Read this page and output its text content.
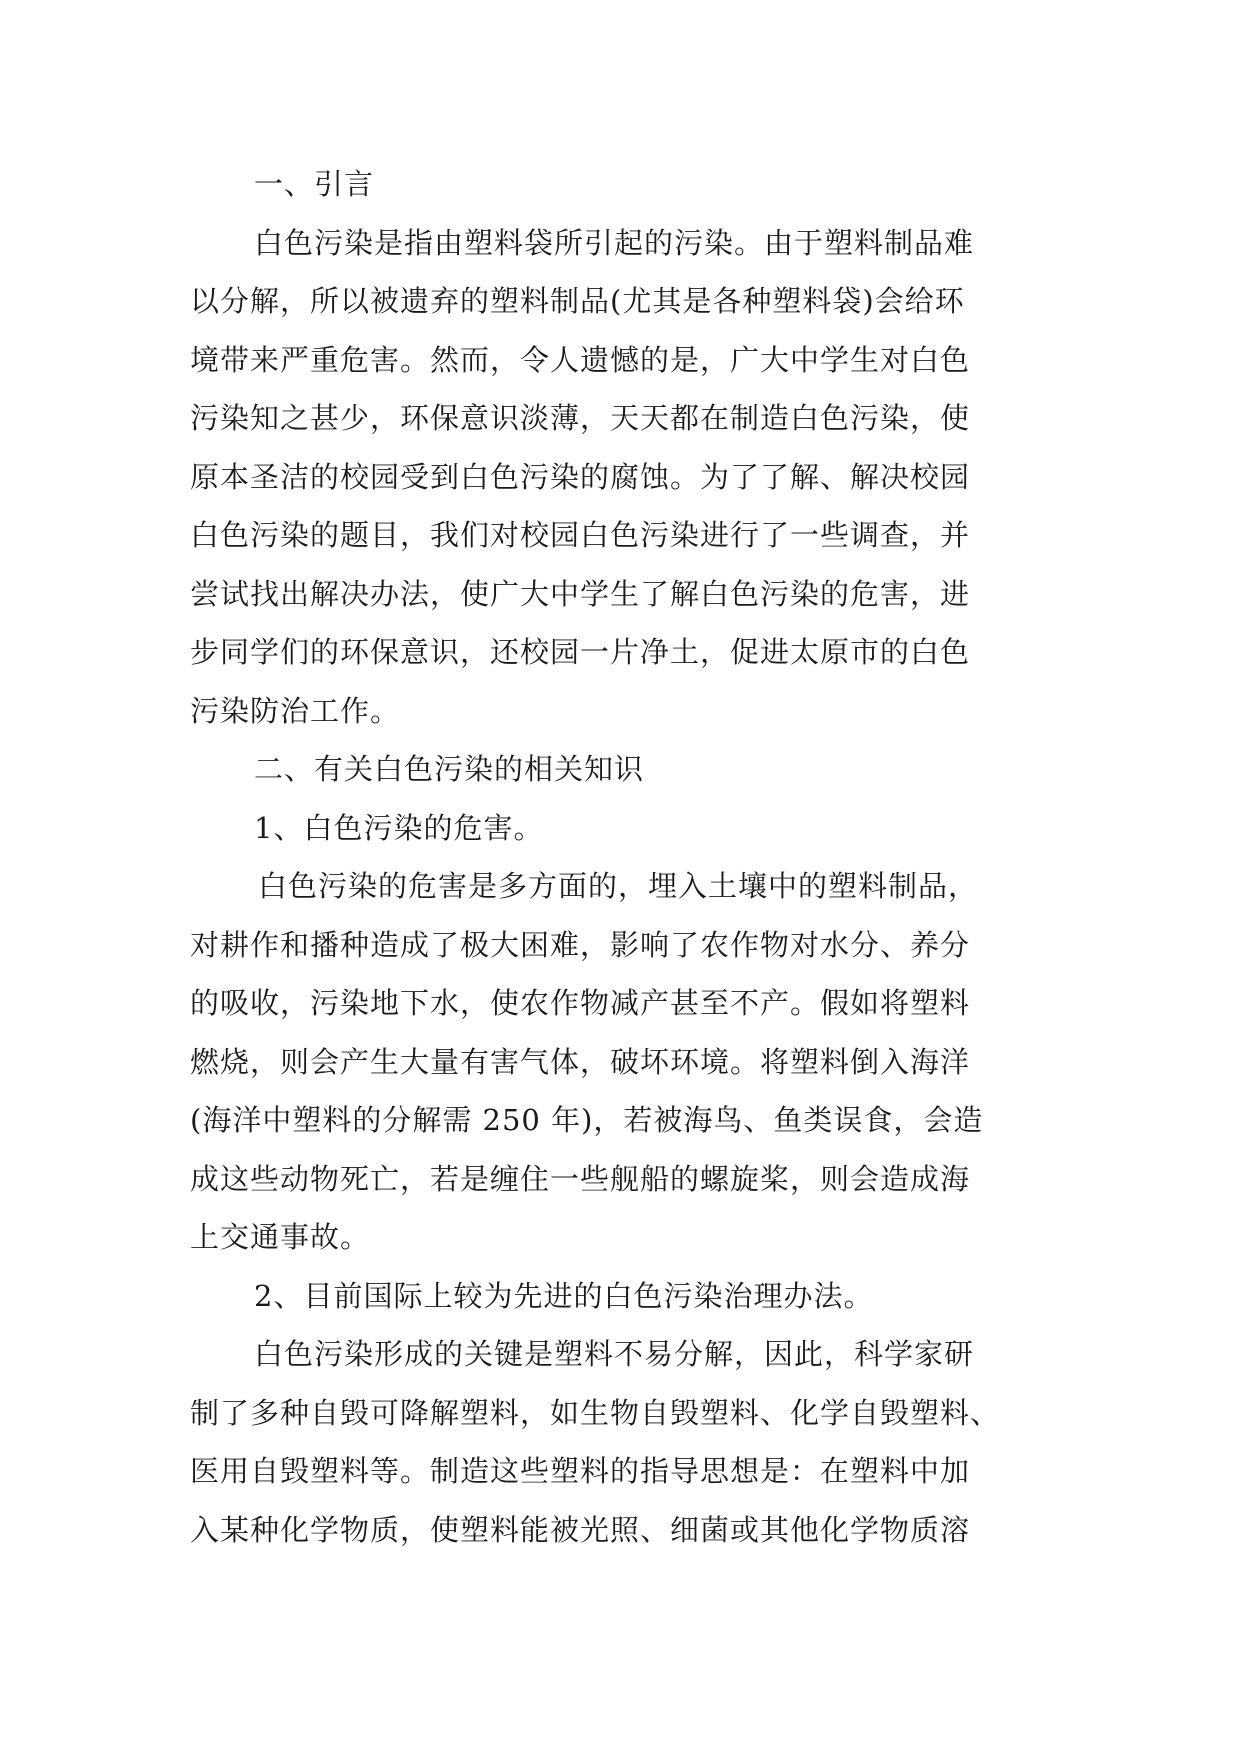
一、引言

白色污染是指由塑料袋所引起的污染。由于塑料制品难

以分解，所以被遗弃的塑料制品(尤其是各种塑料袋)会给环

境带来严重危害。然而，令人遗憾的是，广大中学生对白色

污染知之甚少，环保意识淡薄，天天都在制造白色污染，使

原本圣洁的校园受到白色污染的腐蚀。为了了解、解决校园

白色污染的题目，我们对校园白色污染进行了一些调查，并

尝试找出解决办法，使广大中学生了解白色污染的危害，进

步同学们的环保意识，还校园一片净土，促进太原市的白色

污染防治工作。

二、有关白色污染的相关知识

1、白色污染的危害。

白色污染的危害是多方面的，埋入土壤中的塑料制品，

对耕作和播种造成了极大困难，影响了农作物对水分、养分

的吸收，污染地下水，使农作物减产甚至不产。假如将塑料

燃烧，则会产生大量有害气体，破坏环境。将塑料倒入海洋

(海洋中塑料的分解需 250 年)，若被海鸟、鱼类误食，会造

成这些动物死亡，若是缠住一些舰船的螺旋桨，则会造成海

上交通事故。

2、目前国际上较为先进的白色污染治理办法。

白色污染形成的关键是塑料不易分解，因此，科学家研

制了多种自毁可降解塑料，如生物自毁塑料、化学自毁塑料、

医用自毁塑料等。制造这些塑料的指导思想是：在塑料中加

入某种化学物质，使塑料能被光照、细菌或其他化学物质溶
